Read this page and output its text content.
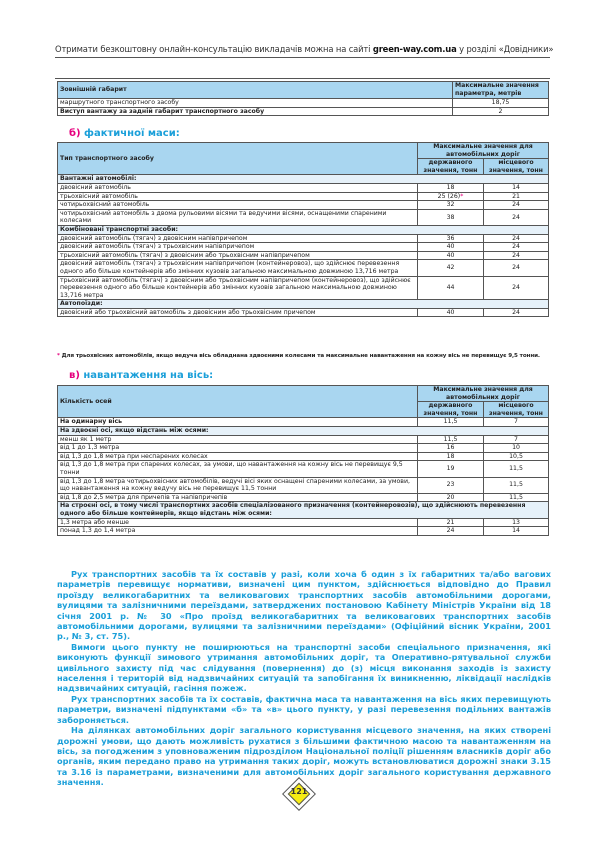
Отримати безкоштовну онлайн-консультацію викладачів можна на сайті green-way.com.ua у розділі «Довідники»
Зовнішній габарит	Максимальне значення параметра, метрів
маршрутного транспортного засобу	18,75
Виступ вантажу за задній габарит транспортного засобу	2
б) фактичної маси:
Тип транспортного засобу	Максимальне значення для автомобільних доріг	
	державного значення, тонн	місцевого значення, тонн
Вантажні автомобілі:		
двовісний автомобіль	18	14
трьохвісний автомобіль	25 (26)*	21
чотирьохвісний автомобіль	32	24
чотирьохвісний автомобіль з двома рульовими вісями та ведучими вісями, оснащеними спареними колесами	38	24
Комбіновані транспортні засоби:		
двовісний автомобіль (тягач) з двовісним напівпричепом	36	24
двовісний автомобіль (тягач) з трьохвісним напівпричепом	40	24
трьохвісний автомобіль (тягач) з двовісним або трьохвісним напівпричепом	40	24
двовісний автомобіль (тягач) з трьохвісним напівпричепом (контейнеровоз), що здійснює перевезення одного або більше контейнерів або змінних кузовів загальною максимальною довжиною 13,716 метра	42	24
трьохвісний автомобіль (тягач) з двовісним або трьохвісним напівпричепом (контейнеровоз), що здійснює перевезення одного або більше контейнерів або змінних кузовів загальною максимальною довжиною 13,716 метра	44	24
Автопоїзди:		
двовісний або трьохвісний автомобіль з двовісним або трьохвісним причепом	40	24
* Для трьохвісних автомобілів, якщо ведуча вісь обладнана здвоєними колесами та максимальне навантаження на кожну вісь не перевищує 9,5 тонни.
в) навантаження на вісь:
Кількість осей	Максимальне значення для автомобільних доріг	
	державного значення, тонн	місцевого значення, тонн
На одинарну вісь	11,5	7
На здвоєні осі, якщо відстань між осями:		
менш як 1 метр	11,5	7
від 1 до 1,3 метра	16	10
від 1,3 до 1,8 метра при неспарених колесах	18	10,5
від 1,3 до 1,8 метра при спарених колесах, за умови, що навантаження на кожну вісь не перевищує 9,5 тонни	19	11,5
від 1,3 до 1,8 метра чотирьохвісних автомобілів, ведучі вісі яких оснащені спареними колесами, за умови, що навантаження на кожну ведучу вісь не перевищує 11,5 тонни	23	11,5
від 1,8 до 2,5 метра для причепів та напівпричепів	20	11,5
На строєні осі, в тому числі транспортних засобів спеціалізованого призначення (контейнеровозів), що здійснюють перевезення одного або більше контейнерів, якщо відстань між осями:		
1,3 метра або менше	21	13
понад 1,3 до 1,4 метра	24	14

Рух транспортних засобів та їх составів у разі, коли хоча б один з їх габаритних та/або вагових параметрів перевищує нормативи, визначені цим пунктом, здійснюється відповідно до Правил проїзду великогабаритних та великовагових транспортних засобів автомобільними дорогами, вулицями та залізничними переїздами, затверджених постановою Кабінету Міністрів України від 18 січня 2001 р. № 30 «Про проїзд великогабаритних та великовагових транспортних засобів автомобільними дорогами, вулицями та залізничними переїздами» (Офіційний вісник України, 2001 р., № 3, ст. 75).

Вимоги цього пункту не поширюються на транспортні засоби спеціального призначення, які виконують функції зимового утримання автомобільних доріг, та Оперативно-рятувальної служби цивільного захисту під час слідування (повернення) до (з) місця виконання заходів із захисту населення і територій від надзвичайних ситуацій та запобігання їх виникненню, ліквідації наслідків надзвичайних ситуацій, гасіння пожеж.

Рух транспортних засобів та їх составів, фактична маса та навантаження на вісь яких перевищують параметри, визначені підпунктами «б» та «в» цього пункту, у разі перевезення подільних вантажів забороняється.

На ділянках автомобільних доріг загального користування місцевого значення, на яких створені дорожні умови, що дають можливість рухатися з більшими фактичною масою та навантаженням на вісь, за погодженим з уповноваженим підрозділом Національної поліції рішенням власників доріг або органів, яким передано право на утримання таких доріг, можуть встановлюватися дорожні знаки 3.15 та 3.16 із параметрами, визначеними для автомобільних доріг загального користування державного значення.

121
